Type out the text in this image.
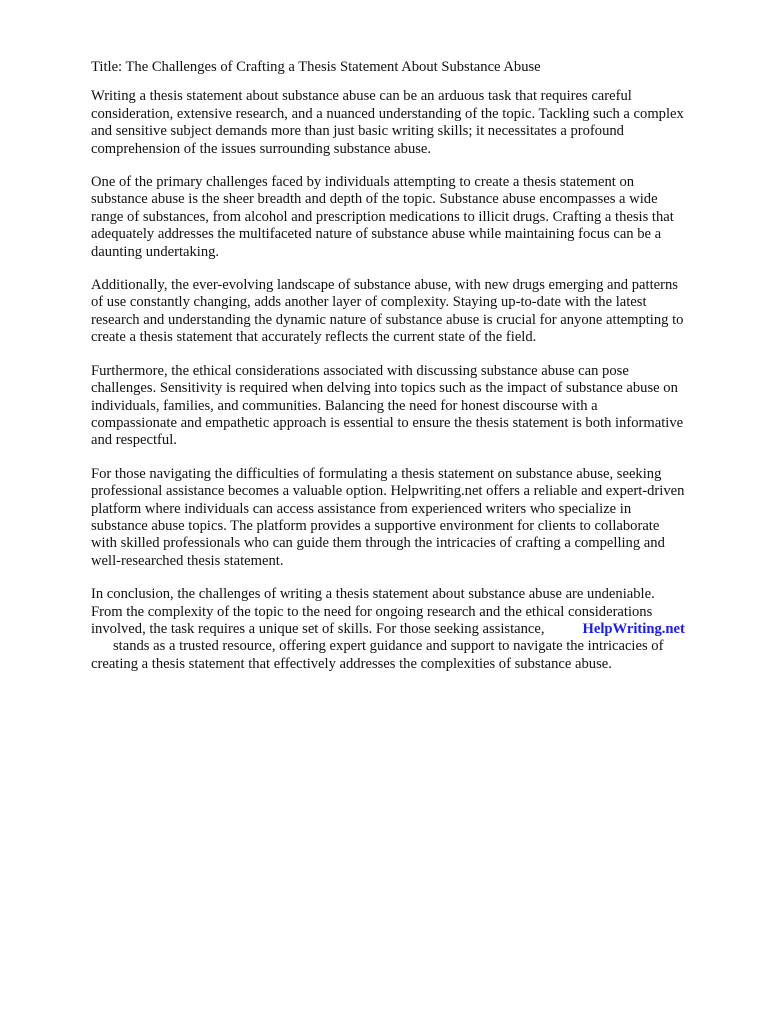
Title: The Challenges of Crafting a Thesis Statement About Substance Abuse

Writing a thesis statement about substance abuse can be an arduous task that requires careful
consideration, extensive research, and a nuanced understanding of the topic. Tackling such a complex
and sensitive subject demands more than just basic writing skills; it necessitates a profound
comprehension of the issues surrounding substance abuse.

One of the primary challenges faced by individuals attempting to create a thesis statement on
substance abuse is the sheer breadth and depth of the topic. Substance abuse encompasses a wide
range of substances, from alcohol and prescription medications to illicit drugs. Crafting a thesis that
adequately addresses the multifaceted nature of substance abuse while maintaining focus can be a
daunting undertaking.

Additionally, the ever-evolving landscape of substance abuse, with new drugs emerging and patterns
of use constantly changing, adds another layer of complexity. Staying up-to-date with the latest
research and understanding the dynamic nature of substance abuse is crucial for anyone attempting to
create a thesis statement that accurately reflects the current state of the field.

Furthermore, the ethical considerations associated with discussing substance abuse can pose
challenges. Sensitivity is required when delving into topics such as the impact of substance abuse on
individuals, families, and communities. Balancing the need for honest discourse with a
compassionate and empathetic approach is essential to ensure the thesis statement is both informative
and respectful.

For those navigating the difficulties of formulating a thesis statement on substance abuse, seeking
professional assistance becomes a valuable option. Helpwriting.net offers a reliable and expert-driven
platform where individuals can access assistance from experienced writers who specialize in
substance abuse topics. The platform provides a supportive environment for clients to collaborate
with skilled professionals who can guide them through the intricacies of crafting a compelling and
well-researched thesis statement.

In conclusion, the challenges of writing a thesis statement about substance abuse are undeniable.
From the complexity of the topic to the need for ongoing research and the ethical considerations
involved, the task requires a unique set of skills. For those seeking assistance,	HelpWriting.net
stands as a trusted resource, offering expert guidance and support to navigate the intricacies of
creating a thesis statement that effectively addresses the complexities of substance abuse.
